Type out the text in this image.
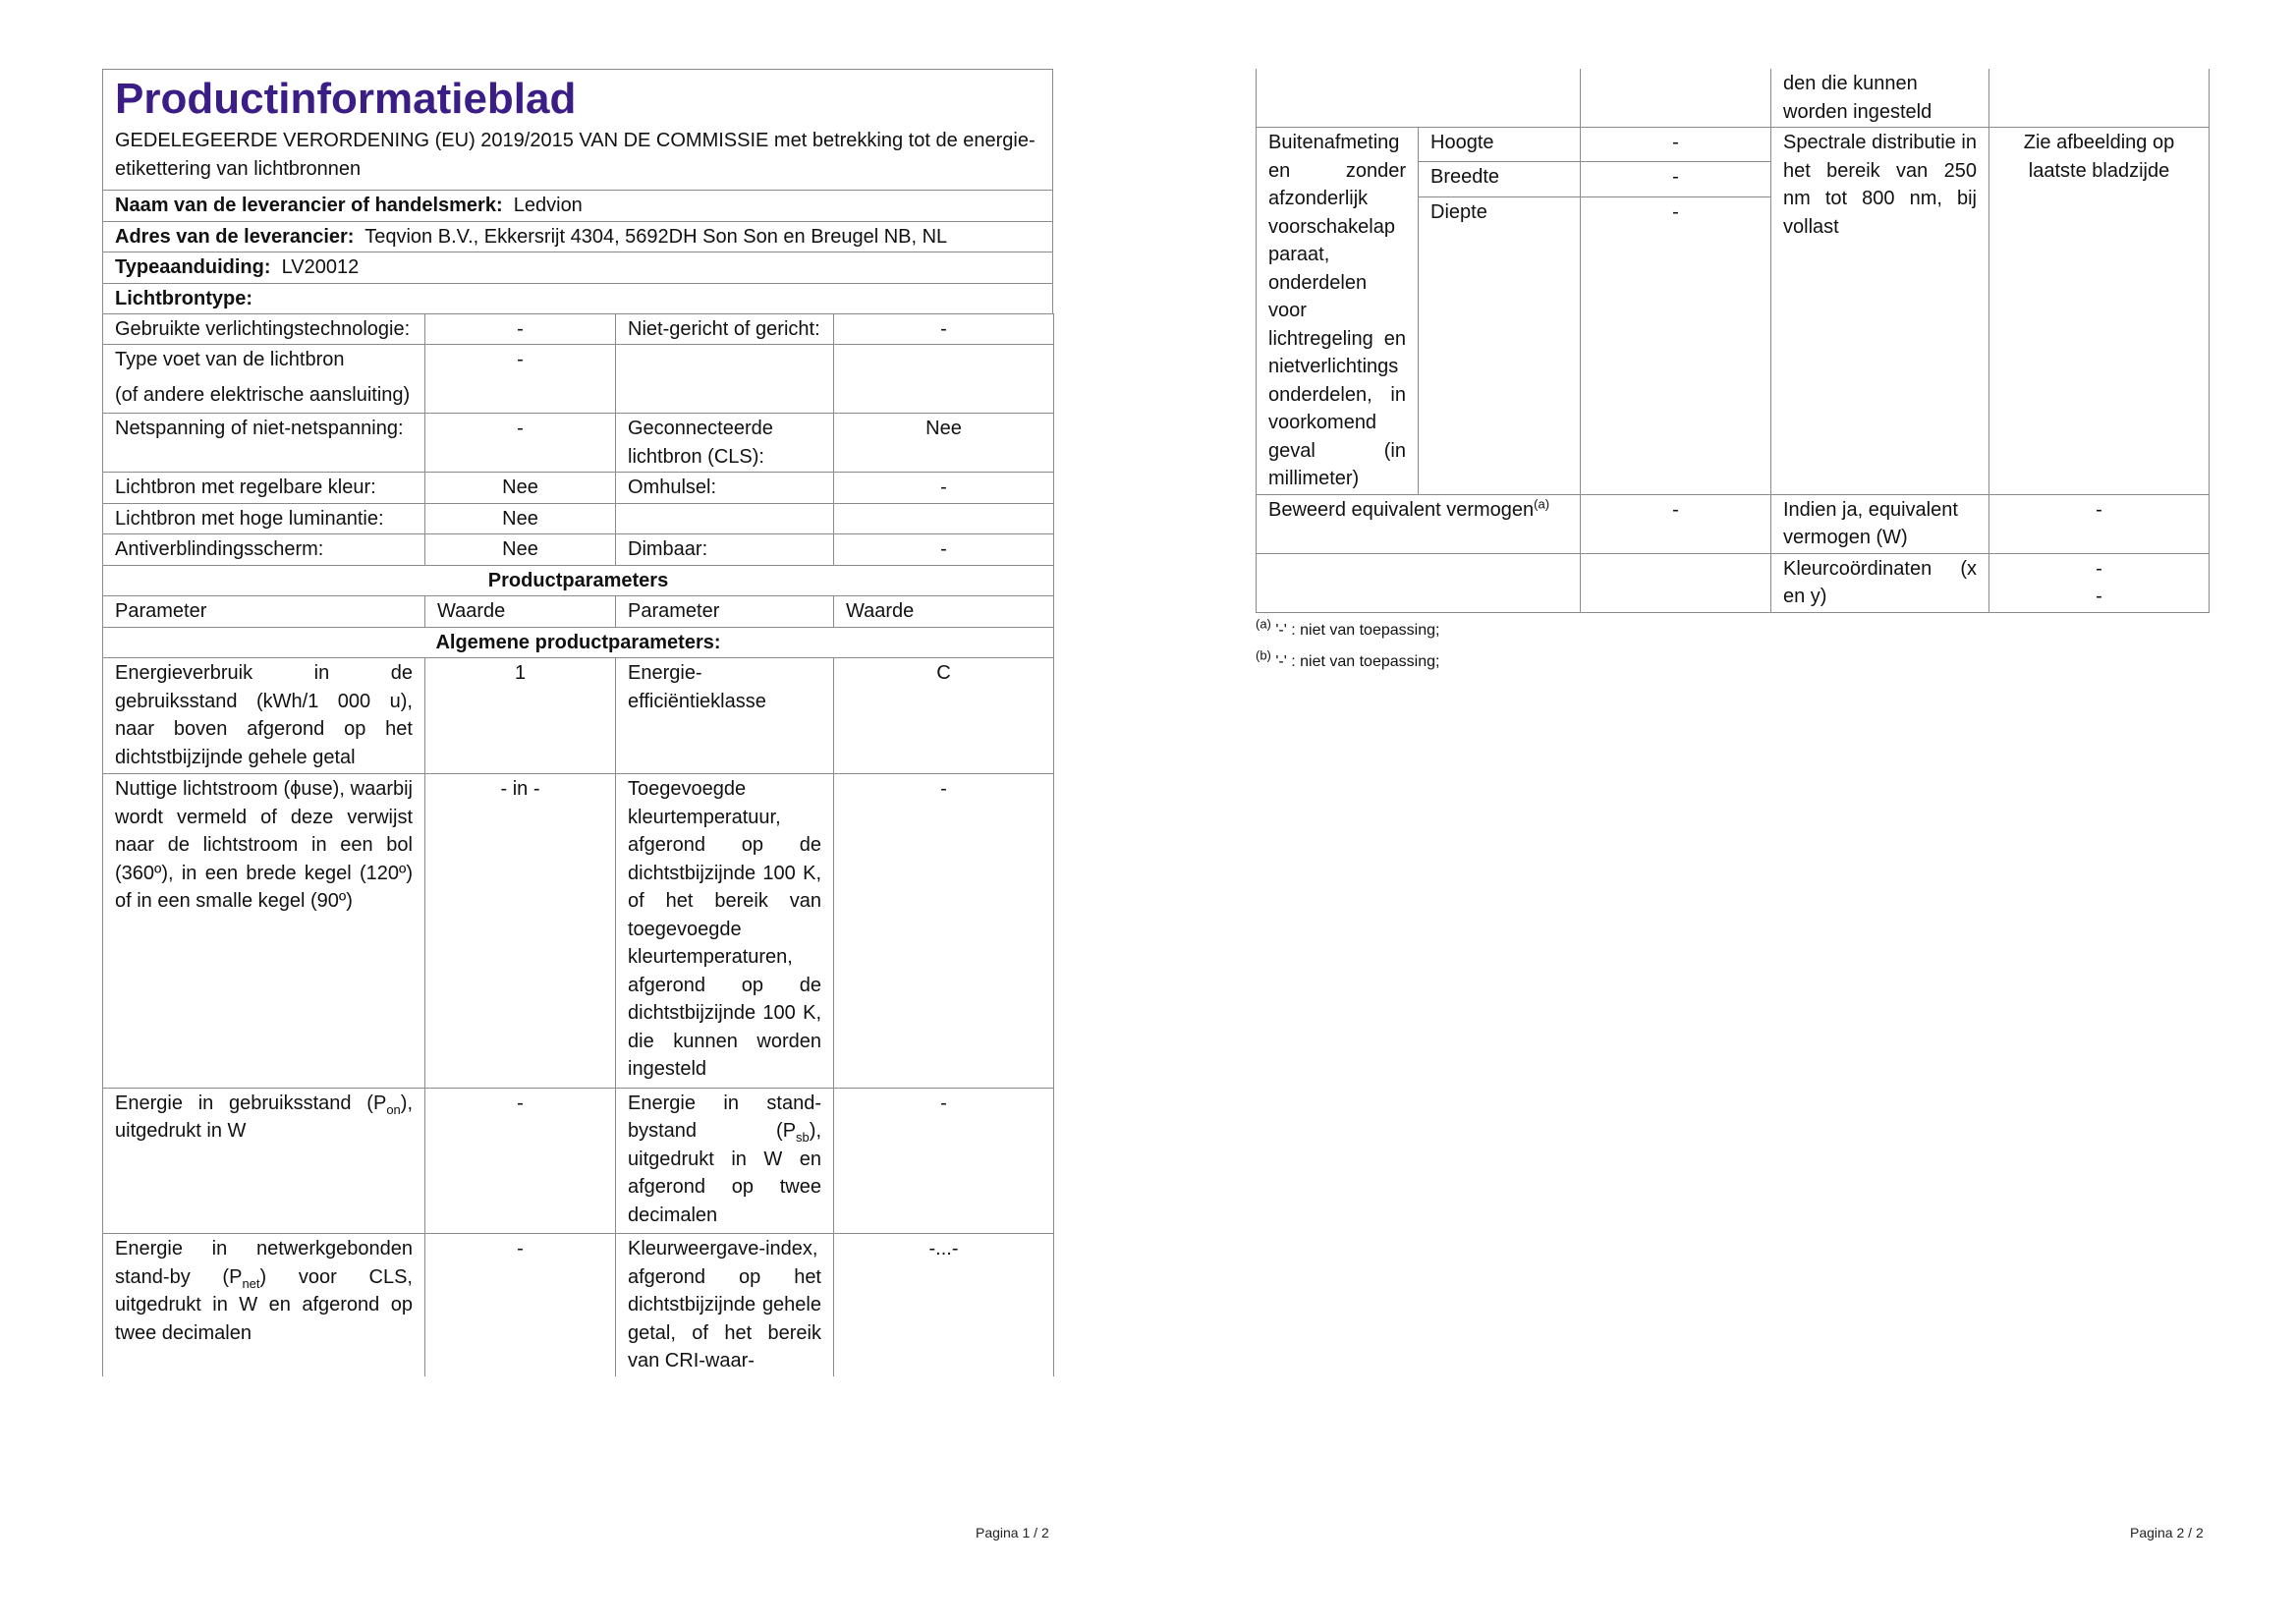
Productinformatieblad
GEDELEGEERDE VERORDENING (EU) 2019/2015 VAN DE COMMISSIE met betrekking tot de energie-etikettering van lichtbronnen

Naam van de leverancier of handelsmerk: Ledvion
Adres van de leverancier: Teqvion B.V., Ekkersrijt 4304, 5692DH Son Son en Breugel NB, NL
Typeaanduiding: LV20012
Lichtbrontype:
Gebruikte verlichtingstechnologie:	-	Niet-gericht of gericht:	-

Type voet van de lichtbron
(of andere elektrische aansluiting)	-		
Netspanning of niet-netspanning:	-	Geconnecteerde lichtbron (CLS):	Nee
Lichtbron met regelbare kleur:	Nee	Omhulsel:	-
Lichtbron met hoge luminantie:	Nee		
Antiverblindingsscherm:	Nee	Dimbaar:	-
Productparameters			
Parameter	Waarde	Parameter	Waarde
Algemene productparameters:			
Energieverbruik in de gebruiksstand (kWh/1 000 u), naar boven afgerond op het dichtstbijzijnde gehele getal	1	Energie-efficiëntieklasse	C
Nuttige lichtstroom (ϕuse), waarbij wordt vermeld of deze verwijst naar de lichtstroom in een bol (360º), in een brede kegel (120º) of in een smalle kegel (90º)	- in -	Toegevoegde kleurtemperatuur, afgerond op de dichtstbijzijnde 100 K, of het bereik van toegevoegde kleurtemperaturen, afgerond op de dichtstbijzijnde 100 K, die kunnen worden ingesteld	-
Energie in gebruiksstand $(P_{on})$, uitgedrukt in W	-	Energie in stand-bystand $(P_{sb})$, uitgedrukt in W en afgerond op twee decimalen	-
Energie in netwerkgebonden stand-by $(P_{net})$ voor CLS, uitgedrukt in W en afgerond op twee decimalen	-	Kleurweergave-index, afgerond op het dichtstbijzijnde gehele getal, of het bereik van CRI-waar-	-...-
Pagina 1 / 2
			den die kunnen worden ingesteld	
Buitenafmetingen zonder afzonderlijk voorschakelapparaat, onderdelen voor lichtregeling en nietverlichtingsonderdelen, in voorkomend geval (in millimeter)	Hoogte	-	Spectrale distributie in het bereik van 250 nm tot 800 nm, bij vollast	Zie afbeelding op laatste bladzijde
	Breedte	-		
	Diepte	-		
Beweerd equivalent vermogen$^{(a)}$		-	Indien ja, equivalent vermogen (W)	-
			Kleurcoördinaten (x en y)	-
-
$^{(a)}$ '-' : niet van toepassing;
$^{(b)}$ '-' : niet van toepassing;
Pagina 2 / 2
